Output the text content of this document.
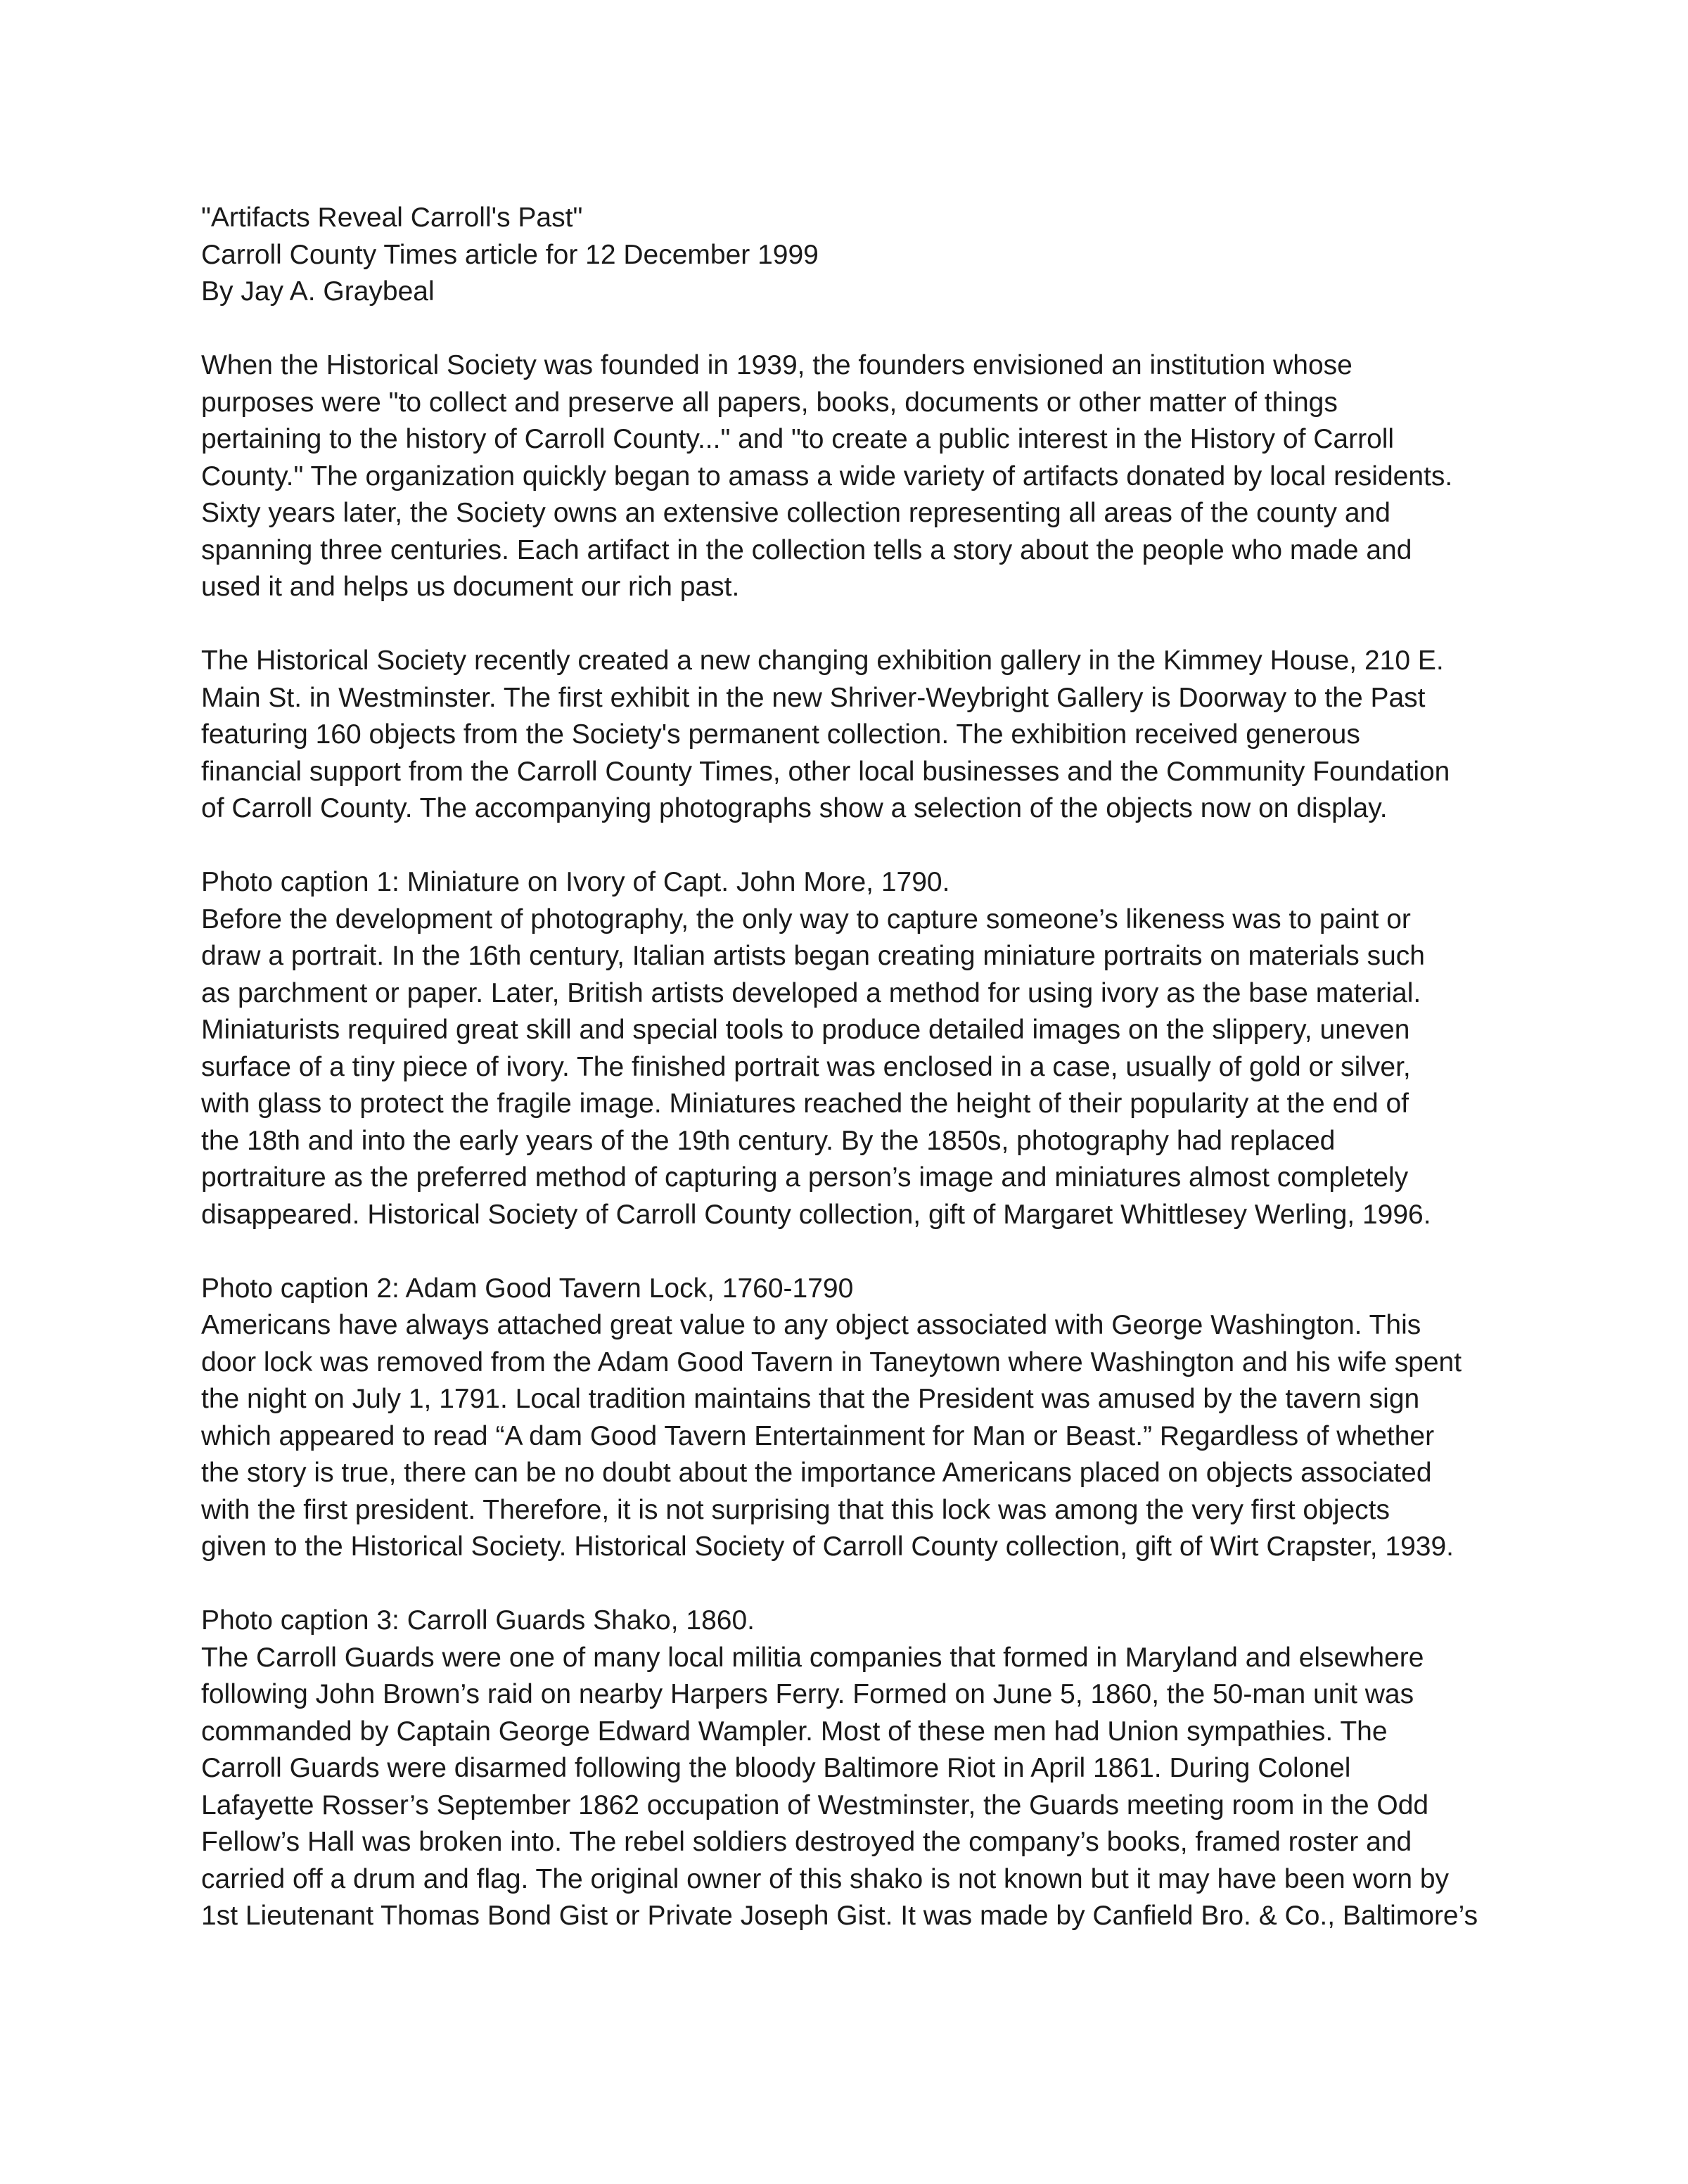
"Artifacts Reveal Carroll's Past"
Carroll County Times article for 12 December 1999
By Jay A. Graybeal
When the Historical Society was founded in 1939, the founders envisioned an institution whose
purposes were "to collect and preserve all papers, books, documents or other matter of things
pertaining to the history of Carroll County..." and "to create a public interest in the History of Carroll
County." The organization quickly began to amass a wide variety of artifacts donated by local residents.
Sixty years later, the Society owns an extensive collection representing all areas of the county and
spanning three centuries. Each artifact in the collection tells a story about the people who made and
used it and helps us document our rich past.
The Historical Society recently created a new changing exhibition gallery in the Kimmey House, 210 E.
Main St. in Westminster. The first exhibit in the new Shriver-Weybright Gallery is Doorway to the Past
featuring 160 objects from the Society's permanent collection. The exhibition received generous
financial support from the Carroll County Times, other local businesses and the Community Foundation
of Carroll County. The accompanying photographs show a selection of the objects now on display.
Photo caption 1: Miniature on Ivory of Capt. John More, 1790.
Before the development of photography, the only way to capture someone’s likeness was to paint or
draw a portrait. In the 16th century, Italian artists began creating miniature portraits on materials such
as parchment or paper. Later, British artists developed a method for using ivory as the base material.
Miniaturists required great skill and special tools to produce detailed images on the slippery, uneven
surface of a tiny piece of ivory. The finished portrait was enclosed in a case, usually of gold or silver,
with glass to protect the fragile image. Miniatures reached the height of their popularity at the end of
the 18th and into the early years of the 19th century. By the 1850s, photography had replaced
portraiture as the preferred method of capturing a person’s image and miniatures almost completely
disappeared. Historical Society of Carroll County collection, gift of Margaret Whittlesey Werling, 1996.
Photo caption 2: Adam Good Tavern Lock, 1760-1790
Americans have always attached great value to any object associated with George Washington. This
door lock was removed from the Adam Good Tavern in Taneytown where Washington and his wife spent
the night on July 1, 1791. Local tradition maintains that the President was amused by the tavern sign
which appeared to read “A dam Good Tavern Entertainment for Man or Beast.” Regardless of whether
the story is true, there can be no doubt about the importance Americans placed on objects associated
with the first president. Therefore, it is not surprising that this lock was among the very first objects
given to the Historical Society. Historical Society of Carroll County collection, gift of Wirt Crapster, 1939.
Photo caption 3: Carroll Guards Shako, 1860.
The Carroll Guards were one of many local militia companies that formed in Maryland and elsewhere
following John Brown’s raid on nearby Harpers Ferry. Formed on June 5, 1860, the 50-man unit was
commanded by Captain George Edward Wampler. Most of these men had Union sympathies. The
Carroll Guards were disarmed following the bloody Baltimore Riot in April 1861. During Colonel
Lafayette Rosser’s September 1862 occupation of Westminster, the Guards meeting room in the Odd
Fellow’s Hall was broken into. The rebel soldiers destroyed the company’s books, framed roster and
carried off a drum and flag. The original owner of this shako is not known but it may have been worn by
1st Lieutenant Thomas Bond Gist or Private Joseph Gist. It was made by Canfield Bro. & Co., Baltimore’s
